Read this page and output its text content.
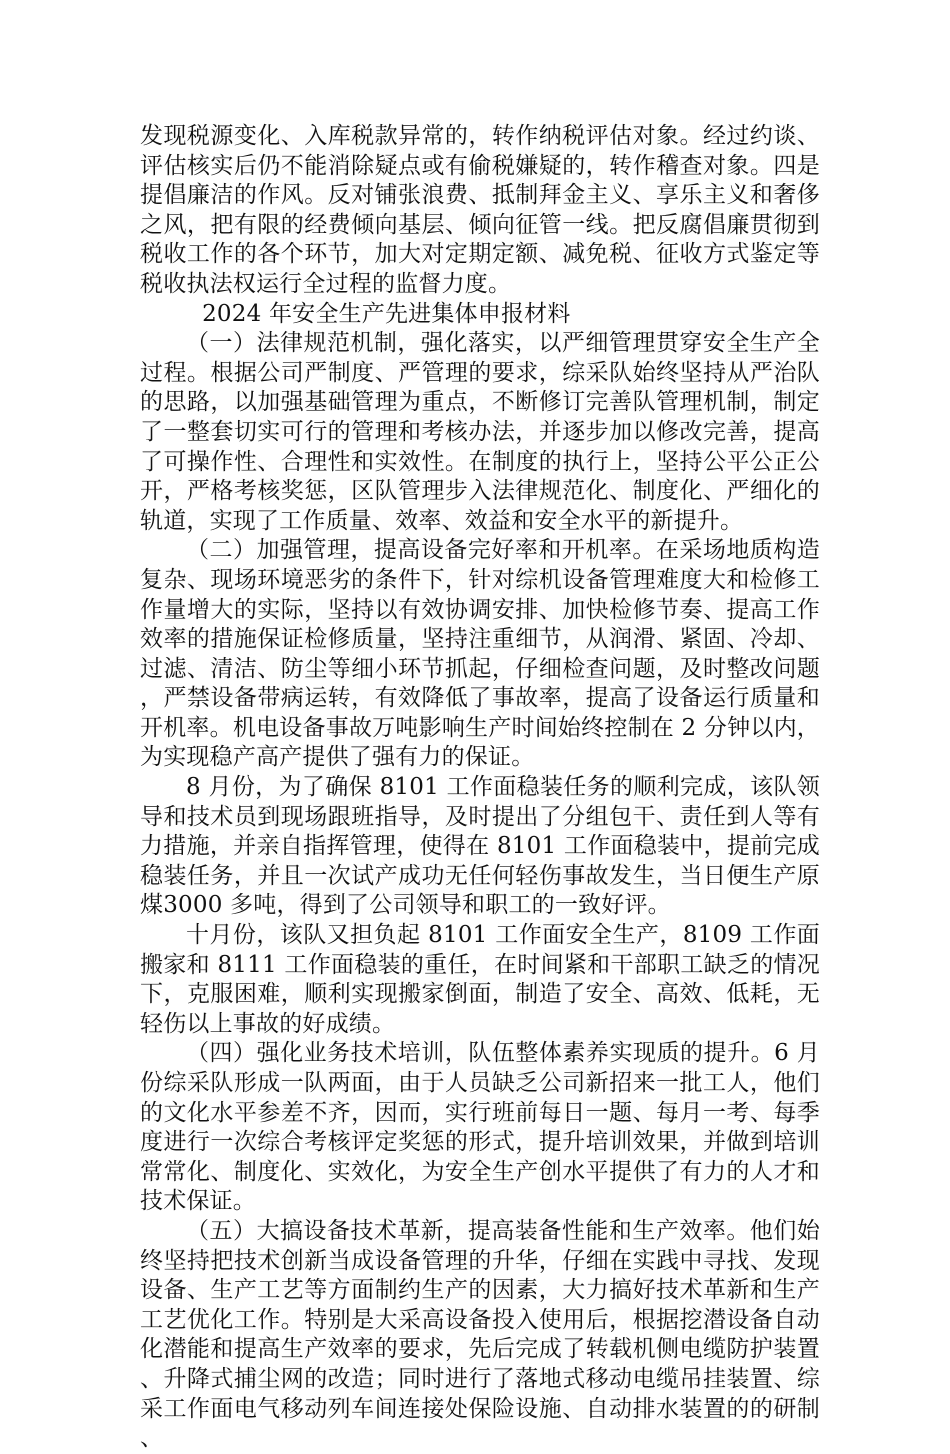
发现税源变化、入库税款异常的，转作纳税评估对象。经过约谈、评估核实后仍不能消除疑点或有偷税嫌疑的，转作稽查对象。四是提倡廉洁的作风。反对铺张浪费、抵制拜金主义、享乐主义和奢侈之风，把有限的经费倾向基层、倾向征管一线。把反腐倡廉贯彻到税收工作的各个环节，加大对定期定额、减免税、征收方式鉴定等税收执法权运行全过程的监督力度。

2024 年安全生产先进集体申报材料

（一）法律规范机制，强化落实，以严细管理贯穿安全生产全过程。根据公司严制度、严管理的要求，综采队始终坚持从严治队的思路，以加强基础管理为重点，不断修订完善队管理机制，制定了一整套切实可行的管理和考核办法，并逐步加以修改完善，提高了可操作性、合理性和实效性。在制度的执行上，坚持公平公正公开，严格考核奖惩，区队管理步入法律规范化、制度化、严细化的轨道，实现了工作质量、效率、效益和安全水平的新提升。

（二）加强管理，提高设备完好率和开机率。在采场地质构造复杂、现场环境恶劣的条件下，针对综机设备管理难度大和检修工作量增大的实际，坚持以有效协调安排、加快检修节奏、提高工作效率的措施保证检修质量，坚持注重细节，从润滑、紧固、冷却、过滤、清洁、防尘等细小环节抓起，仔细检查问题，及时整改问题，严禁设备带病运转，有效降低了事故率，提高了设备运行质量和开机率。机电设备事故万吨影响生产时间始终控制在 2 分钟以内，为实现稳产高产提供了强有力的保证。

8 月份，为了确保 8101 工作面稳装任务的顺利完成，该队领导和技术员到现场跟班指导，及时提出了分组包干、责任到人等有力措施，并亲自指挥管理，使得在 8101 工作面稳装中，提前完成稳装任务，并且一次试产成功无任何轻伤事故发生，当日便生产原煤3000 多吨，得到了公司领导和职工的一致好评。

十月份，该队又担负起 8101 工作面安全生产，8109 工作面搬家和 8111 工作面稳装的重任，在时间紧和干部职工缺乏的情况下，克服困难，顺利实现搬家倒面，制造了安全、高效、低耗，无轻伤以上事故的好成绩。

（四）强化业务技术培训，队伍整体素养实现质的提升。6 月份综采队形成一队两面，由于人员缺乏公司新招来一批工人，他们的文化水平参差不齐，因而，实行班前每日一题、每月一考、每季度进行一次综合考核评定奖惩的形式，提升培训效果，并做到培训常常化、制度化、实效化，为安全生产创水平提供了有力的人才和技术保证。

（五）大搞设备技术革新，提高装备性能和生产效率。他们始终坚持把技术创新当成设备管理的升华，仔细在实践中寻找、发现设备、生产工艺等方面制约生产的因素，大力搞好技术革新和生产工艺优化工作。特别是大采高设备投入使用后，根据挖潜设备自动化潜能和提高生产效率的要求，先后完成了转载机侧电缆防护装置、升降式捕尘网的改造；同时进行了落地式移动电缆吊挂装置、综采工作面电气移动列车间连接处保险设施、自动排水装置的的研制、
